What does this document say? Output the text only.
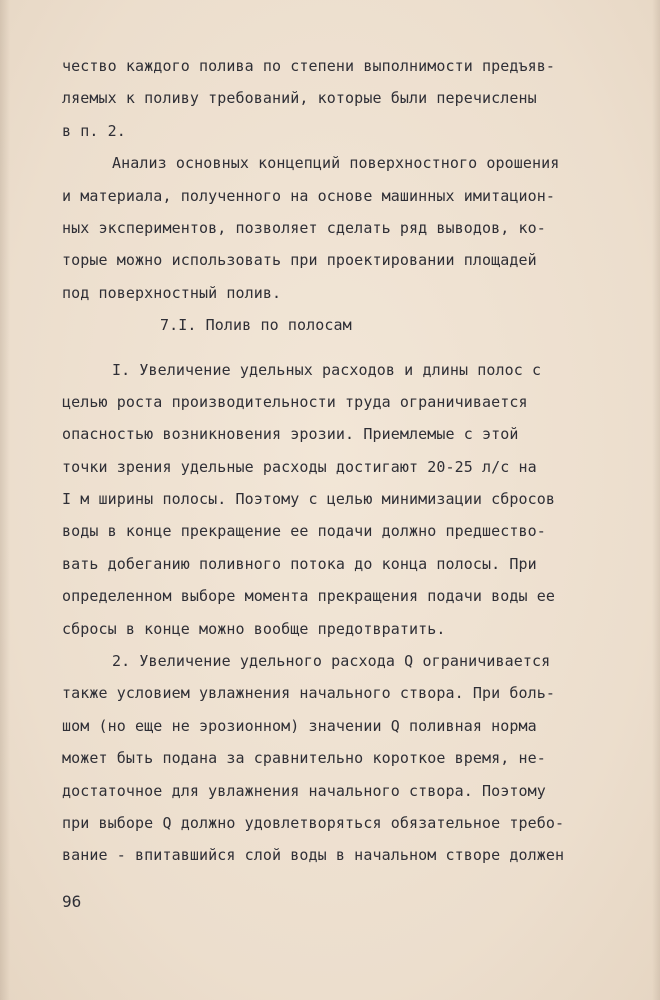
чество каждого полива по степени выполнимости предъяв-
ляемых к поливу требований, которые были перечислены
в п. 2.
Анализ основных концепций поверхностного орошения
и материала, полученного на основе машинных имитацион-
ных экспериментов, позволяет сделать ряд выводов, ко-
торые можно использовать при проектировании площадей
под поверхностный полив.
7.I. Полив по полосам
I. Увеличение удельных расходов и длины полос с
целью роста производительности труда ограничивается
опасностью возникновения эрозии. Приемлемые с этой
точки зрения удельные расходы достигают 20-25 л/с на
I м ширины полосы. Поэтому с целью минимизации сбросов
воды в конце прекращение ее подачи должно предшество-
вать добеганию поливного потока до конца полосы. При
определенном выборе момента прекращения подачи воды ее
сбросы в конце можно вообще предотвратить.
2. Увеличение удельного расхода Q ограничивается
также условием увлажнения начального створа. При боль-
шом (но еще не эрозионном) значении Q поливная норма
может быть подана за сравнительно короткое время, не-
достаточное для увлажнения начального створа. Поэтому
при выборе Q должно удовлетворяться обязательное требо-
вание - впитавшийся слой воды в начальном створе должен
96
